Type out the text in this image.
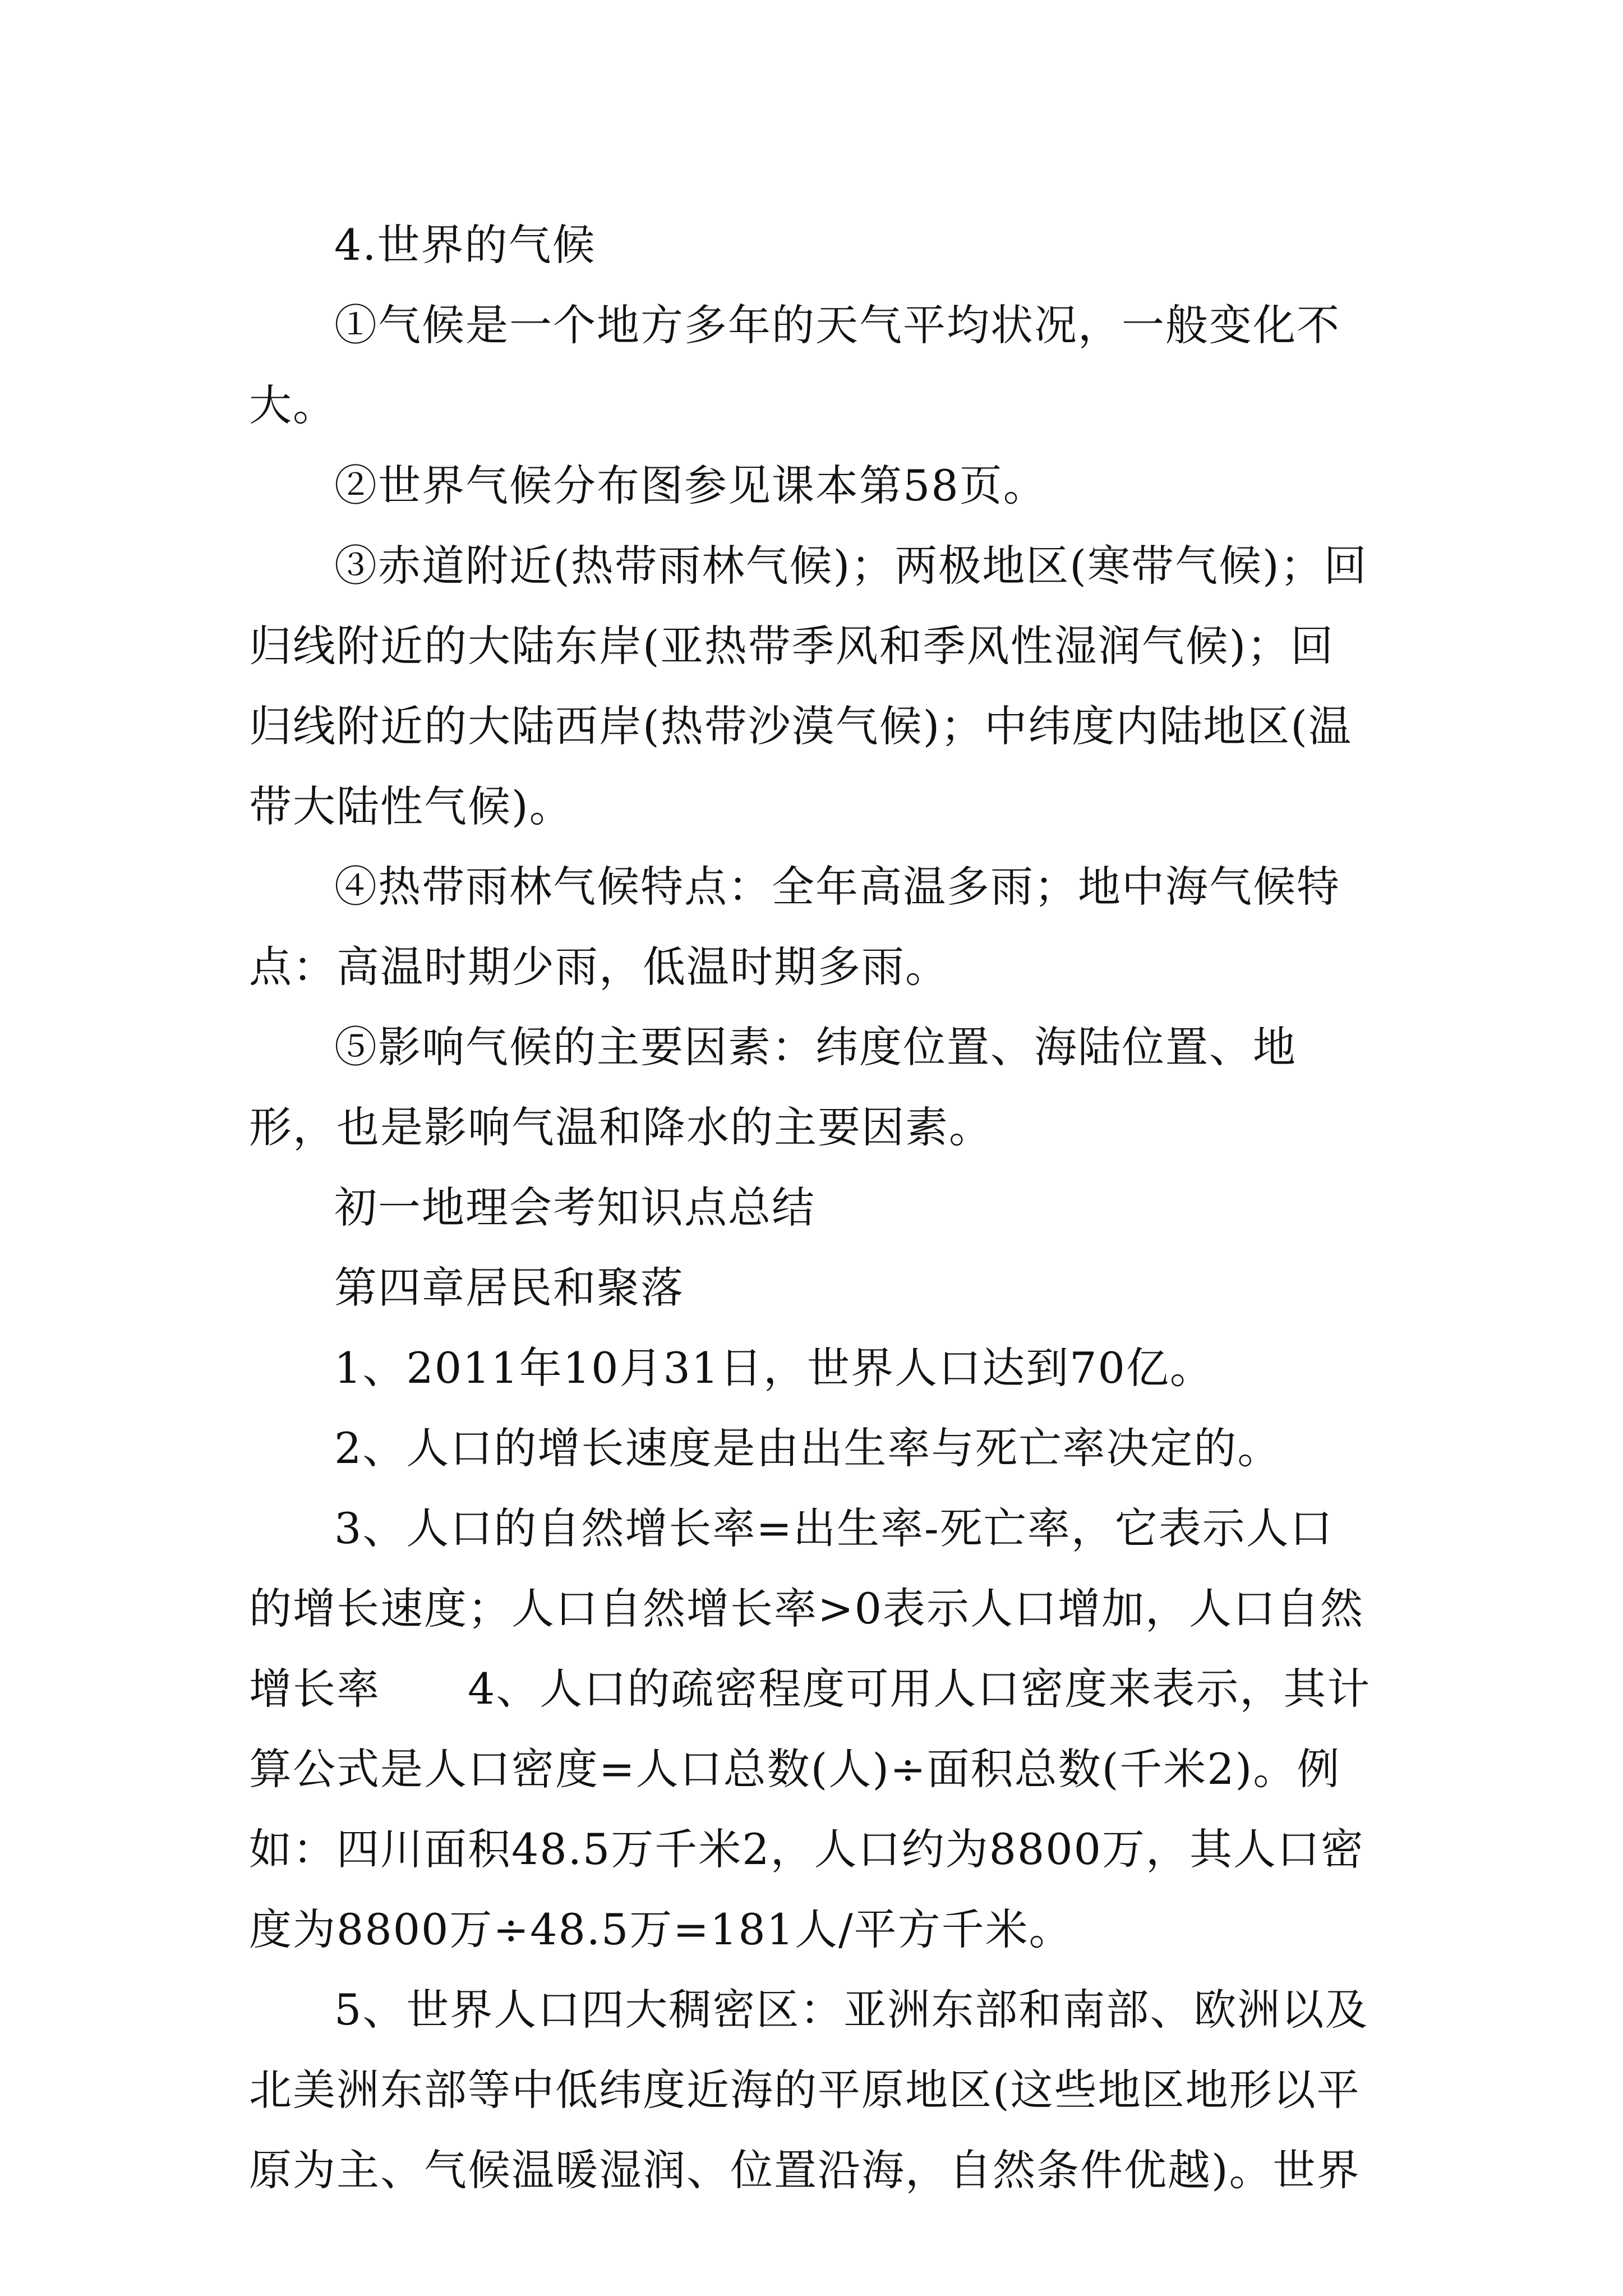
4.世界的气候

①气候是一个地方多年的天气平均状况，一般变化不大。

②世界气候分布图参见课本第58页。

③赤道附近(热带雨林气候)；两极地区(寒带气候)；回归线附近的大陆东岸(亚热带季风和季风性湿润气候)；回归线附近的大陆西岸(热带沙漠气候)；中纬度内陆地区(温带大陆性气候)。

④热带雨林气候特点：全年高温多雨；地中海气候特点：高温时期少雨，低温时期多雨。

⑤影响气候的主要因素：纬度位置、海陆位置、地形，也是影响气温和降水的主要因素。

初一地理会考知识点总结

第四章居民和聚落

1、2011年10月31日，世界人口达到70亿。

2、人口的增长速度是由出生率与死亡率决定的。

3、人口的自然增长率=出生率-死亡率，它表示人口的增长速度；人口自然增长率>0表示人口增加，人口自然增长率　　4、人口的疏密程度可用人口密度来表示，其计算公式是人口密度=人口总数(人)÷面积总数(千米2)。例如：四川面积48.5万千米2，人口约为8800万，其人口密度为8800万÷48.5万=181人/平方千米。

5、世界人口四大稠密区：亚洲东部和南部、欧洲以及北美洲东部等中低纬度近海的平原地区(这些地区地形以平原为主、气候温暖湿润、位置沿海，自然条件优越)。世界
